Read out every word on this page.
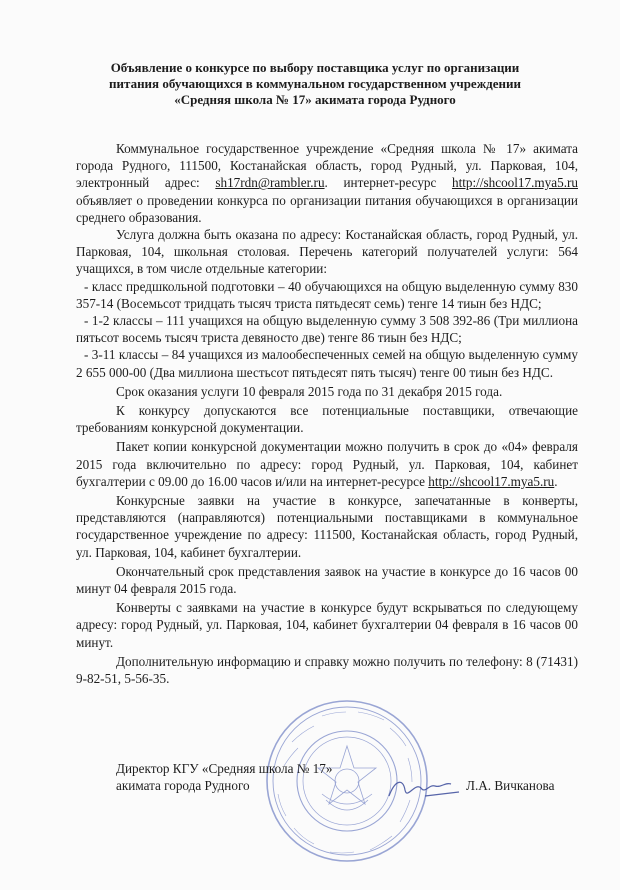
Объявление о конкурсе по выбору поставщика услуг по организации
питания обучающихся в коммунальном государственном учреждении
«Средняя школа № 17» акимата города Рудного

Коммунальное государственное учреждение «Средняя школа № 17» акимата города Рудного, 111500, Костанайская область, город Рудный, ул. Парковая, 104, электронный адрес: sh17rdn@rambler.ru. интернет-ресурс http://shcool17.mya5.ru объявляет о проведении конкурса по организации питания обучающихся в организации среднего образования.

Услуга должна быть оказана по адресу: Костанайская область, город Рудный, ул. Парковая, 104, школьная столовая. Перечень категорий получателей услуги: 564 учащихся, в том числе отдельные категории:

- класс предшкольной подготовки – 40 обучающихся на общую выделенную сумму 830 357-14 (Восемьсот тридцать тысяч триста пятьдесят семь) тенге 14 тиын без НДС;

- 1-2 классы – 111 учащихся на общую выделенную сумму 3 508 392-86 (Три миллиона пятьсот восемь тысяч триста девяносто две) тенге 86 тиын без НДС;

- 3-11 классы – 84 учащихся из малообеспеченных семей на общую выделенную сумму 2 655 000-00 (Два миллиона шестьсот пятьдесят пять тысяч) тенге 00 тиын без НДС.

Срок оказания услуги 10 февраля 2015 года по 31 декабря 2015 года.

К конкурсу допускаются все потенциальные поставщики, отвечающие требованиям конкурсной документации.

Пакет копии конкурсной документации можно получить в срок до «04» февраля 2015 года включительно по адресу: город Рудный, ул. Парковая, 104, кабинет бухгалтерии с 09.00 до 16.00 часов и/или на интернет-ресурсе http://shcool17.mya5.ru.

Конкурсные заявки на участие в конкурсе, запечатанные в конверты, представляются (направляются) потенциальными поставщиками в коммунальное государственное учреждение по адресу: 111500, Костанайская область, город Рудный, ул. Парковая, 104, кабинет бухгалтерии.

Окончательный срок представления заявок на участие в конкурсе до 16 часов 00 минут 04 февраля 2015 года.

Конверты с заявками на участие в конкурсе будут вскрываться по следующему адресу: город Рудный, ул. Парковая, 104, кабинет бухгалтерии 04 февраля в 16 часов 00 минут.

Дополнительную информацию и справку можно получить по телефону: 8 (71431) 9-82-51, 5-56-35.

Директор КГУ «Средняя школа № 17»
акимата города Рудного	Л.А. Вичканова
